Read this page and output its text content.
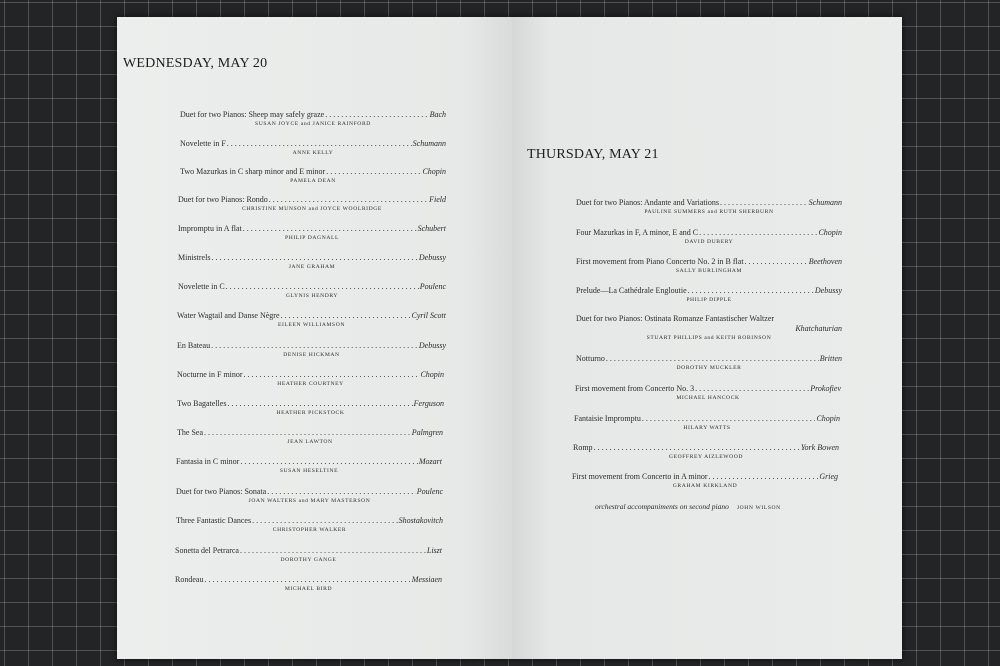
WEDNESDAY, MAY 20
Duet for two Pianos: Sheep may safely graze . . .	Bach
SUSAN JOYCE and JANICE RAINFORD
Novelette in F . . .	Schumann
ANNE KELLY
Two Mazurkas in C sharp minor and E minor . . .	Chopin
PAMELA DEAN
Duet for two Pianos: Rondo . . .	Field
CHRISTINE MUNSON and JOYCE WOOLRIDGE
Impromptu in A flat . . .	Schubert
PHILIP DAGNALL
Ministrels . . .	Debussy
JANE GRAHAM
Novelette in C . . .	Poulenc
GLYNIS HENDRY
Water Wagtail and Danse Nègre . . .	Cyril Scott
EILEEN WILLIAMSON
En Bateau . . .	Debussy
DENISE HICKMAN
Nocturne in F minor . . .	Chopin
HEATHER COURTNEY
Two Bagatelles . . .	Ferguson
HEATHER PICKSTOCK
The Sea . . .	Palmgren
JEAN LAWTON
Fantasia in C minor . . .	Mozart
SUSAN HESELTINE
Duet for two Pianos: Sonata . . .	Poulenc
JOAN WALTERS and MARY MASTERSON
Three Fantastic Dances . . .	Shostakovitch
CHRISTOPHER WALKER
Sonetta del Petrarca . . .	Liszt
DOROTHY GANGE
Rondeau . . .	Messiaen
MICHAEL BIRD
THURSDAY, MAY 21
Duet for two Pianos: Andante and Variations . . .	Schumann
PAULINE SUMMERS and RUTH SHERBURN
Four Mazurkas in F, A minor, E and C . . .	Chopin
DAVID DUBERY
First movement from Piano Concerto No. 2 in B flat . . .	Beethoven
SALLY BURLINGHAM
Prelude—La Cathédrale Engloutie . . .	Debussy
PHILIP DIPPLE
Duet for two Pianos: Ostinata Romanze Fantastischer Waltzer
Khatchaturian
STUART PHILLIPS and KEITH ROBINSON
Notturno . . .	Britten
DOROTHY MUCKLER
First movement from Concerto No. 3 . . .	Prokofiev
MICHAEL HANCOCK
Fantaisie Impromptu . . .	Chopin
HILARY WATTS
Romp . . .	York Bowen
GEOFFREY AIZLEWOOD
First movement from Concerto in A minor . . .	Grieg
GRAHAM KIRKLAND
orchestral accompaniments on second piano JOHN WILSON
